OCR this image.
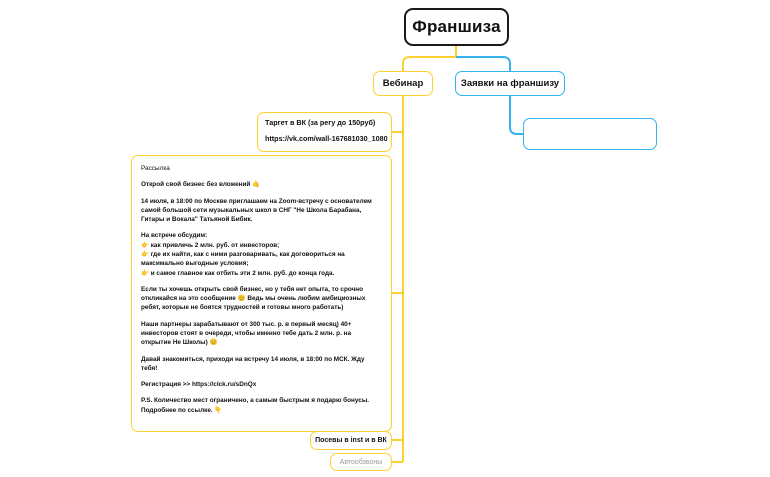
Франшиза
Вебинар	Заявки на франшизу
Таргет в ВК (за регу до 150руб)
https://vk.com/wall-167681030_1080
Рассылка
Открой свой бизнес без вложений 🤙
14 июля, в 18:00 по Москве приглашаем на Zoom-встречу с основателем самой большой сети музыкальных школ в СНГ "Не Школа Барабана, Гитары и Вокала" Татьяной Бибик.
На встрече обсудим:
👉 как привлечь 2 млн. руб. от инвесторов;
👉 где их найти, как с ними разговаривать, как договориться на максимально выгодные условия;
👉 и самое главное как отбить эти 2 млн. руб. до конца года.
Если ты хочешь открыть свой бизнес, но у тебя нет опыта, то срочно откликайся на это сообщение 😊 Ведь мы очень любим амбициозных ребят, которые не боятся трудностей и готовы много работать)
Наши партнеры зарабатывают от 300 тыс. р. в первый месяц) 40+ инвесторов стоят в очереди, чтобы именно тебе дать 2 млн. р. на открытие Не Школы) 😊
Давай знакомиться, приходи на встречу 14 июля, в 18:00 по МСК. Жду тебя!
Регистрация >> https://clck.ru/sDnQx
P.S. Количество мест ограничено, а самым быстрым я подарю бонусы. Подробнее по ссылке. 👇
Посевы в inst и в ВК
Автообзвоны
